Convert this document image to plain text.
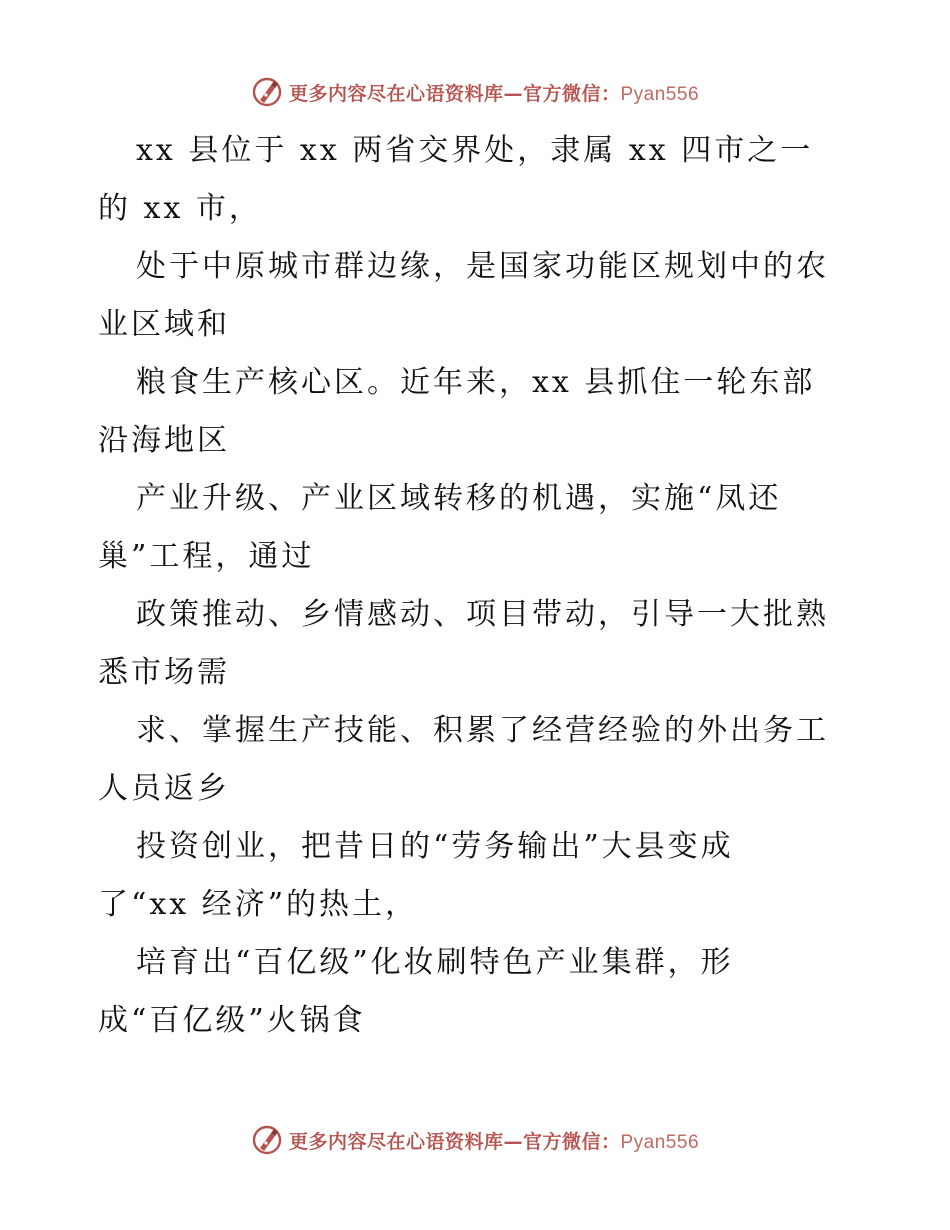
更多内容尽在心语资料库—官方微信：Pyan556
xx 县位于 xx 两省交界处，隶属 xx 四市之一
的 xx 市，
处于中原城市群边缘，是国家功能区规划中的农
业区域和
粮食生产核心区。近年来，xx 县抓住一轮东部
沿海地区
产业升级、产业区域转移的机遇，实施“凤还
巢”工程，通过
政策推动、乡情感动、项目带动，引导一大批熟
悉市场需
求、掌握生产技能、积累了经营经验的外出务工
人员返乡
投资创业，把昔日的“劳务输出”大县变成
了“xx 经济”的热土，
培育出“百亿级”化妆刷特色产业集群，形
成“百亿级”火锅食
更多内容尽在心语资料库—官方微信：Pyan556
